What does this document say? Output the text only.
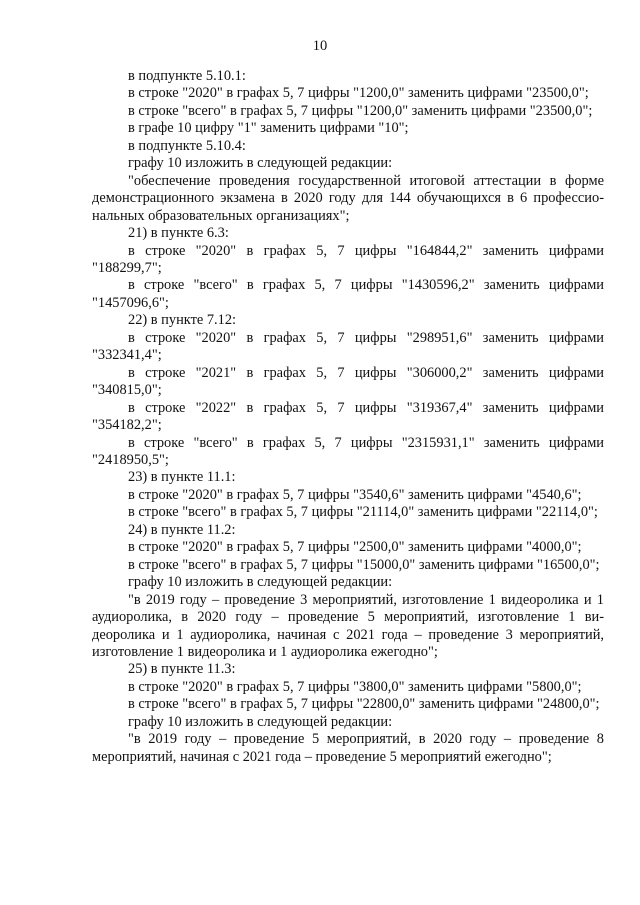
10

в подпункте 5.10.1:

в строке "2020" в графах 5, 7 цифры "1200,0" заменить цифрами "23500,0";

в строке "всего" в графах 5, 7 цифры "1200,0" заменить цифрами "23500,0";

в графе 10 цифру "1" заменить цифрами "10";

в подпункте 5.10.4:

графу 10 изложить в следующей редакции:

"обеспечение проведения государственной итоговой аттестации в форме демонстрационного экзамена в 2020 году для 144 обучающихся в 6 профессиональных образовательных организациях";

21) в пункте 6.3:

в строке "2020" в графах 5, 7 цифры "164844,2" заменить цифрами "188299,7";

в строке "всего" в графах 5, 7 цифры "1430596,2" заменить цифрами "1457096,6";

22) в пункте 7.12:

в строке "2020" в графах 5, 7 цифры "298951,6" заменить цифрами "332341,4";

в строке "2021" в графах 5, 7 цифры "306000,2" заменить цифрами "340815,0";

в строке "2022" в графах 5, 7 цифры "319367,4" заменить цифрами "354182,2";

в строке "всего" в графах 5, 7 цифры "2315931,1" заменить цифрами "2418950,5";

23) в пункте 11.1:

в строке "2020" в графах 5, 7 цифры "3540,6" заменить цифрами "4540,6";

в строке "всего" в графах 5, 7 цифры "21114,0" заменить цифрами "22114,0";

24) в пункте 11.2:

в строке "2020" в графах 5, 7 цифры "2500,0" заменить цифрами "4000,0";

в строке "всего" в графах 5, 7 цифры "15000,0" заменить цифрами "16500,0";

графу 10 изложить в следующей редакции:

"в 2019 году – проведение 3 мероприятий, изготовление 1 видеоролика и 1 аудиоролика, в 2020 году – проведение 5 мероприятий, изготовление 1 видеоролика и 1 аудиоролика, начиная с 2021 года – проведение 3 мероприятий, изготовление 1 видеоролика и 1 аудиоролика ежегодно";

25) в пункте 11.3:

в строке "2020" в графах 5, 7 цифры "3800,0" заменить цифрами "5800,0";

в строке "всего" в графах 5, 7 цифры "22800,0" заменить цифрами "24800,0";

графу 10 изложить в следующей редакции:

"в 2019 году – проведение 5 мероприятий, в 2020 году – проведение 8 мероприятий, начиная с 2021 года – проведение 5 мероприятий ежегодно";
